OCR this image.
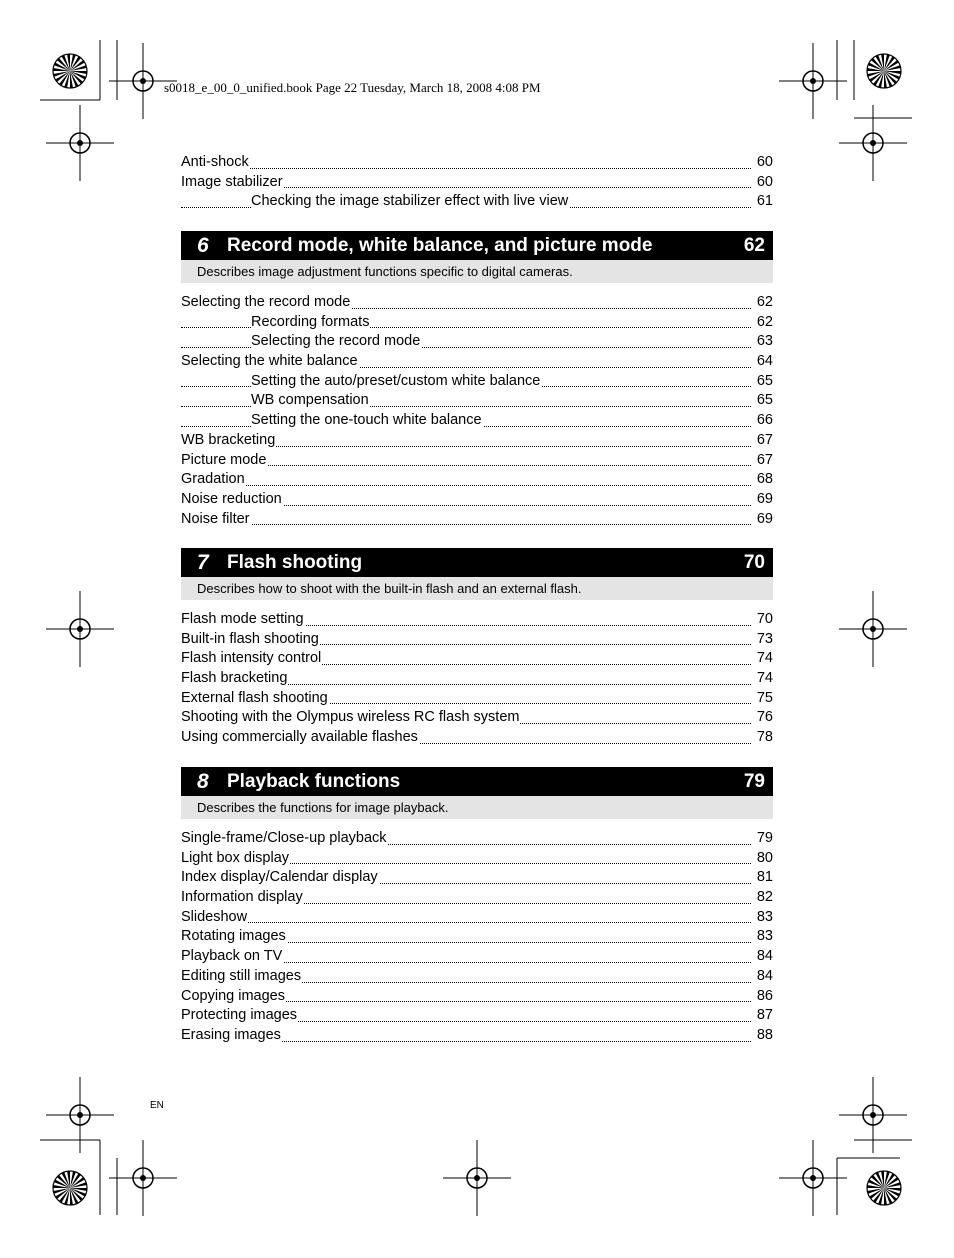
s0018_e_00_0_unified.book Page 22 Tuesday, March 18, 2008 4:08 PM
Anti-shock	60
Image stabilizer	60
Checking the image stabilizer effect with live view	61
6 Record mode, white balance, and picture mode	62
Describes image adjustment functions specific to digital cameras.
Selecting the record mode	62
Recording formats	62
Selecting the record mode	63
Selecting the white balance	64
Setting the auto/preset/custom white balance	65
WB compensation	65
Setting the one-touch white balance	66
WB bracketing	67
Picture mode	67
Gradation	68
Noise reduction	69
Noise filter	69
7 Flash shooting	70
Describes how to shoot with the built-in flash and an external flash.
Flash mode setting	70
Built-in flash shooting	73
Flash intensity control	74
Flash bracketing	74
External flash shooting	75
Shooting with the Olympus wireless RC flash system	76
Using commercially available flashes	78
8 Playback functions	79
Describes the functions for image playback.
Single-frame/Close-up playback	79
Light box display	80
Index display/Calendar display	81
Information display	82
Slideshow	83
Rotating images	83
Playback on TV	84
Editing still images	84
Copying images	86
Protecting images	87
Erasing images	88
EN
